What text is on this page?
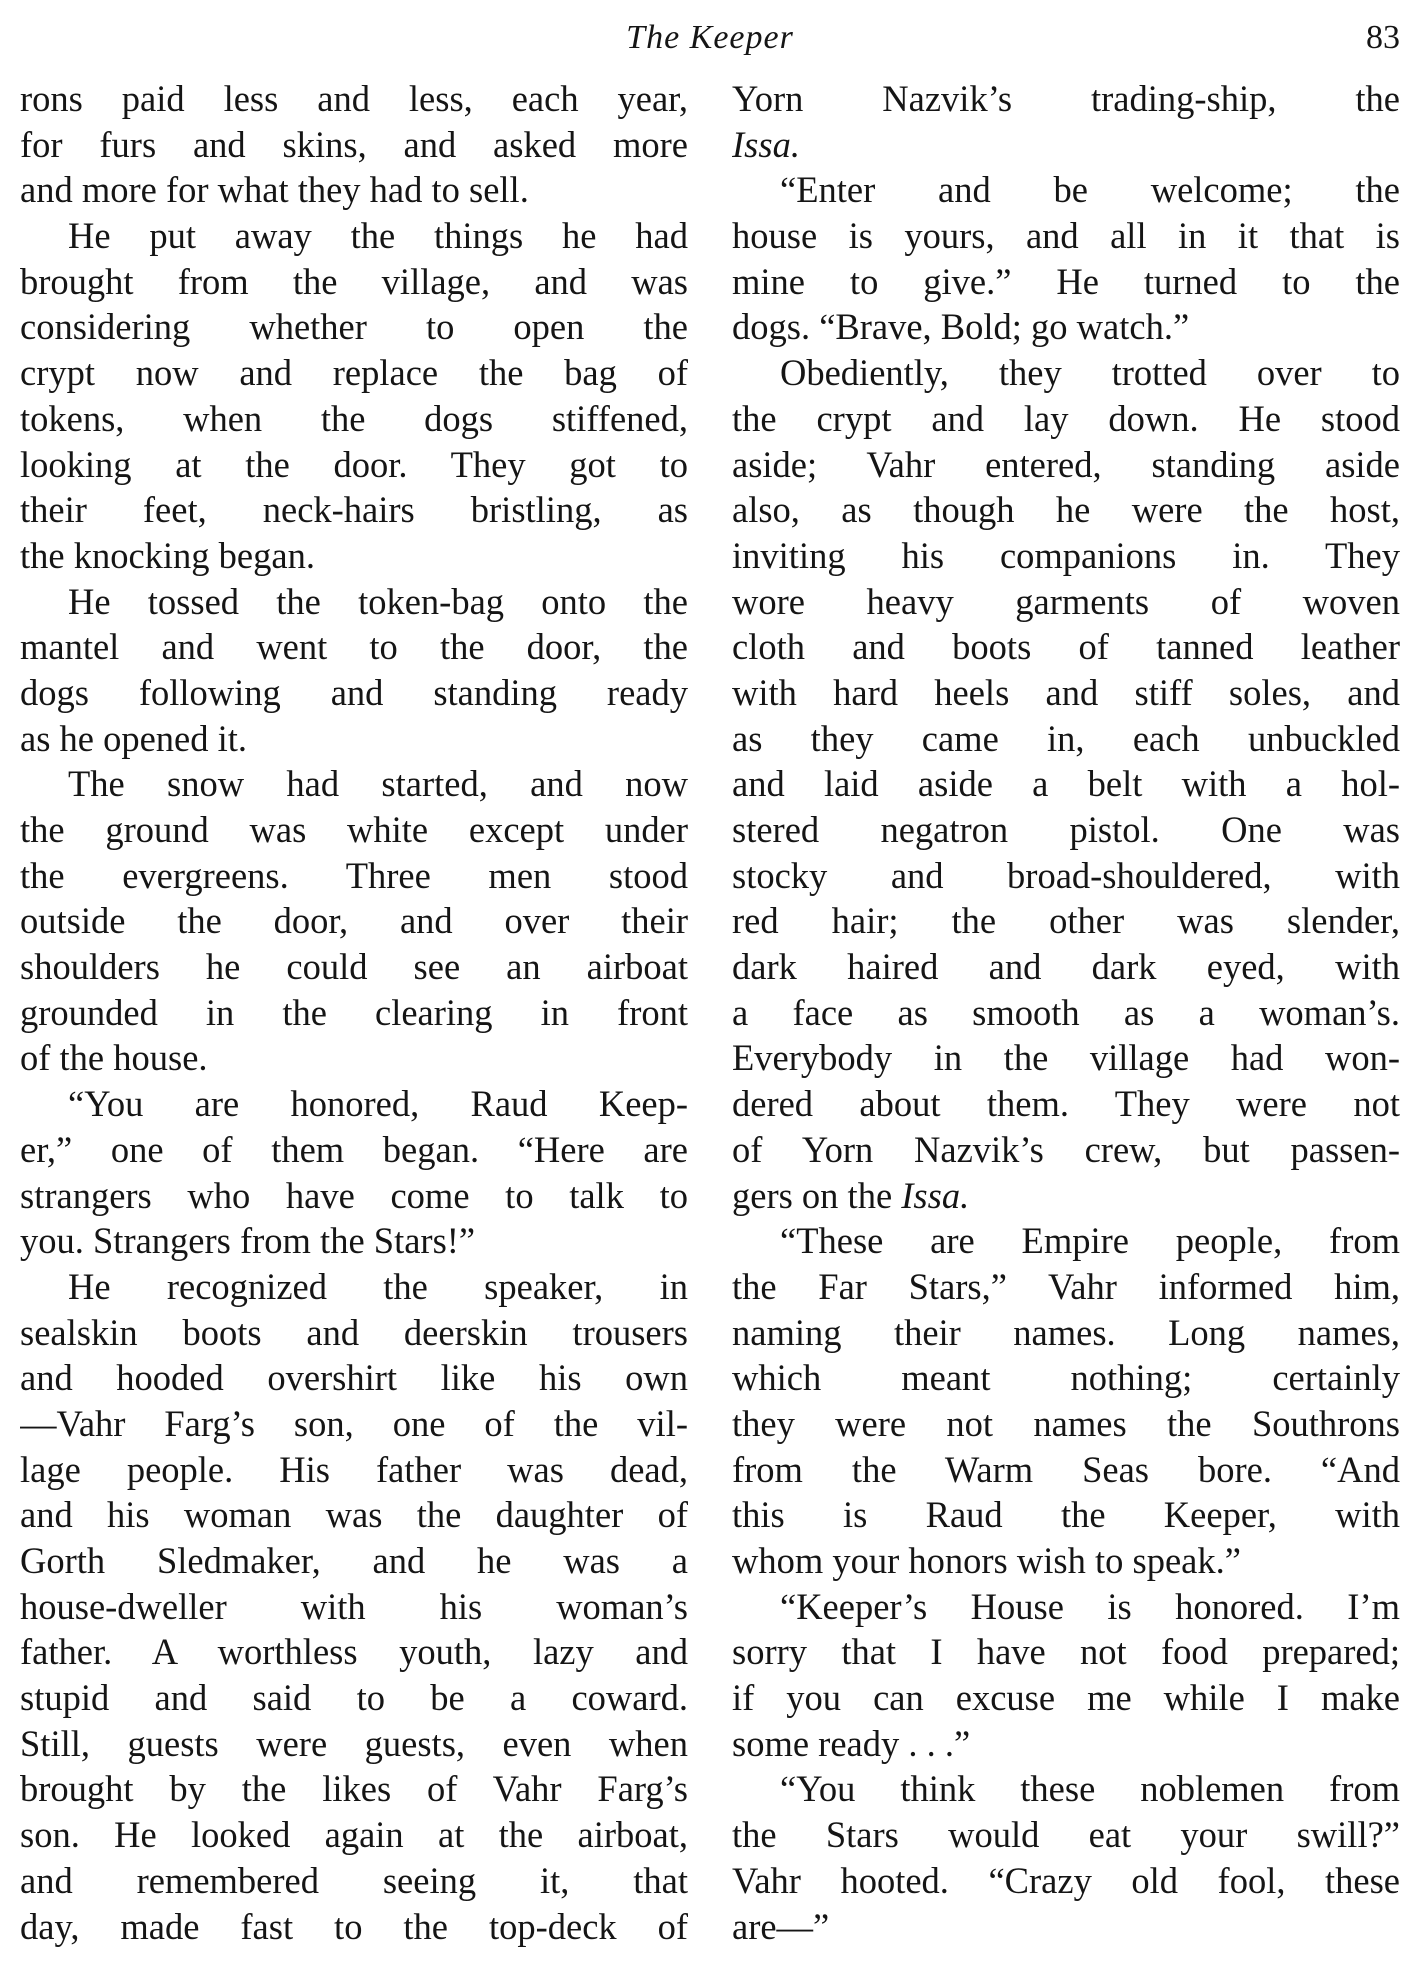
The Keeper	83
rons paid less and less, each year,
for furs and skins, and asked more
and more for what they had to sell.
He put away the things he had
brought from the village, and was
considering whether to open the
crypt now and replace the bag of
tokens, when the dogs stiffened,
looking at the door. They got to
their feet, neck-hairs bristling, as
the knocking began.
He tossed the token-bag onto the
mantel and went to the door, the
dogs following and standing ready
as he opened it.
The snow had started, and now
the ground was white except under
the evergreens. Three men stood
outside the door, and over their
shoulders he could see an airboat
grounded in the clearing in front
of the house.
“You are honored, Raud Keep-
er,” one of them began. “Here are
strangers who have come to talk to
you. Strangers from the Stars!”
He recognized the speaker, in
sealskin boots and deerskin trousers
and hooded overshirt like his own
—Vahr Farg’s son, one of the vil-
lage people. His father was dead,
and his woman was the daughter of
Gorth Sledmaker, and he was a
house-dweller with his woman’s
father. A worthless youth, lazy and
stupid and said to be a coward.
Still, guests were guests, even when
brought by the likes of Vahr Farg’s
son. He looked again at the airboat,
and remembered seeing it, that
day, made fast to the top-deck of
Yorn Nazvik’s trading-ship, the
Issa.
“Enter and be welcome; the
house is yours, and all in it that is
mine to give.” He turned to the
dogs. “Brave, Bold; go watch.”
Obediently, they trotted over to
the crypt and lay down. He stood
aside; Vahr entered, standing aside
also, as though he were the host,
inviting his companions in. They
wore heavy garments of woven
cloth and boots of tanned leather
with hard heels and stiff soles, and
as they came in, each unbuckled
and laid aside a belt with a hol-
stered negatron pistol. One was
stocky and broad-shouldered, with
red hair; the other was slender,
dark haired and dark eyed, with
a face as smooth as a woman’s.
Everybody in the village had won-
dered about them. They were not
of Yorn Nazvik’s crew, but passen-
gers on the Issa.
“These are Empire people, from
the Far Stars,” Vahr informed him,
naming their names. Long names,
which meant nothing; certainly
they were not names the Southrons
from the Warm Seas bore. “And
this is Raud the Keeper, with
whom your honors wish to speak.”
“Keeper’s House is honored. I’m
sorry that I have not food prepared;
if you can excuse me while I make
some ready . . .”
“You think these noblemen from
the Stars would eat your swill?”
Vahr hooted. “Crazy old fool, these
are—”
